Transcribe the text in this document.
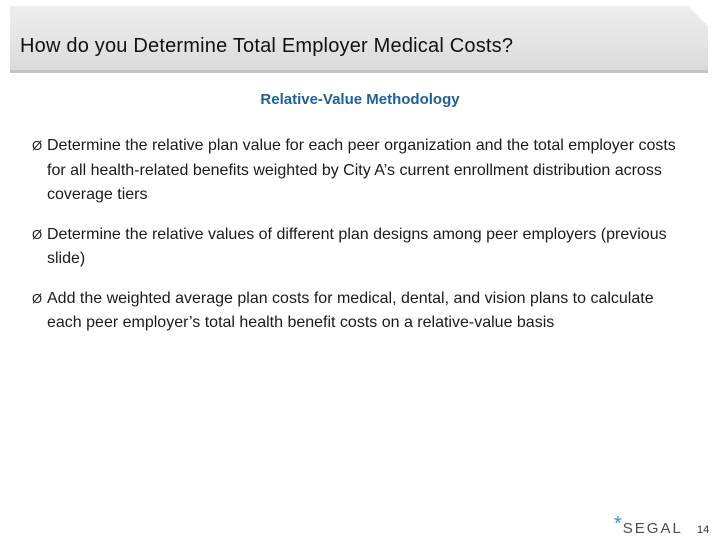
How do you Determine Total Employer Medical Costs?
Relative-Value Methodology
Ø Determine the relative plan value for each peer organization and the total employer costs for all health-related benefits weighted by City A’s current enrollment distribution across coverage tiers
Ø Determine the relative values of different plan designs among peer employers (previous slide)
Ø Add the weighted average plan costs for medical, dental, and vision plans to calculate each peer employer’s total health benefit costs on a relative-value basis
* SEGAL 14
